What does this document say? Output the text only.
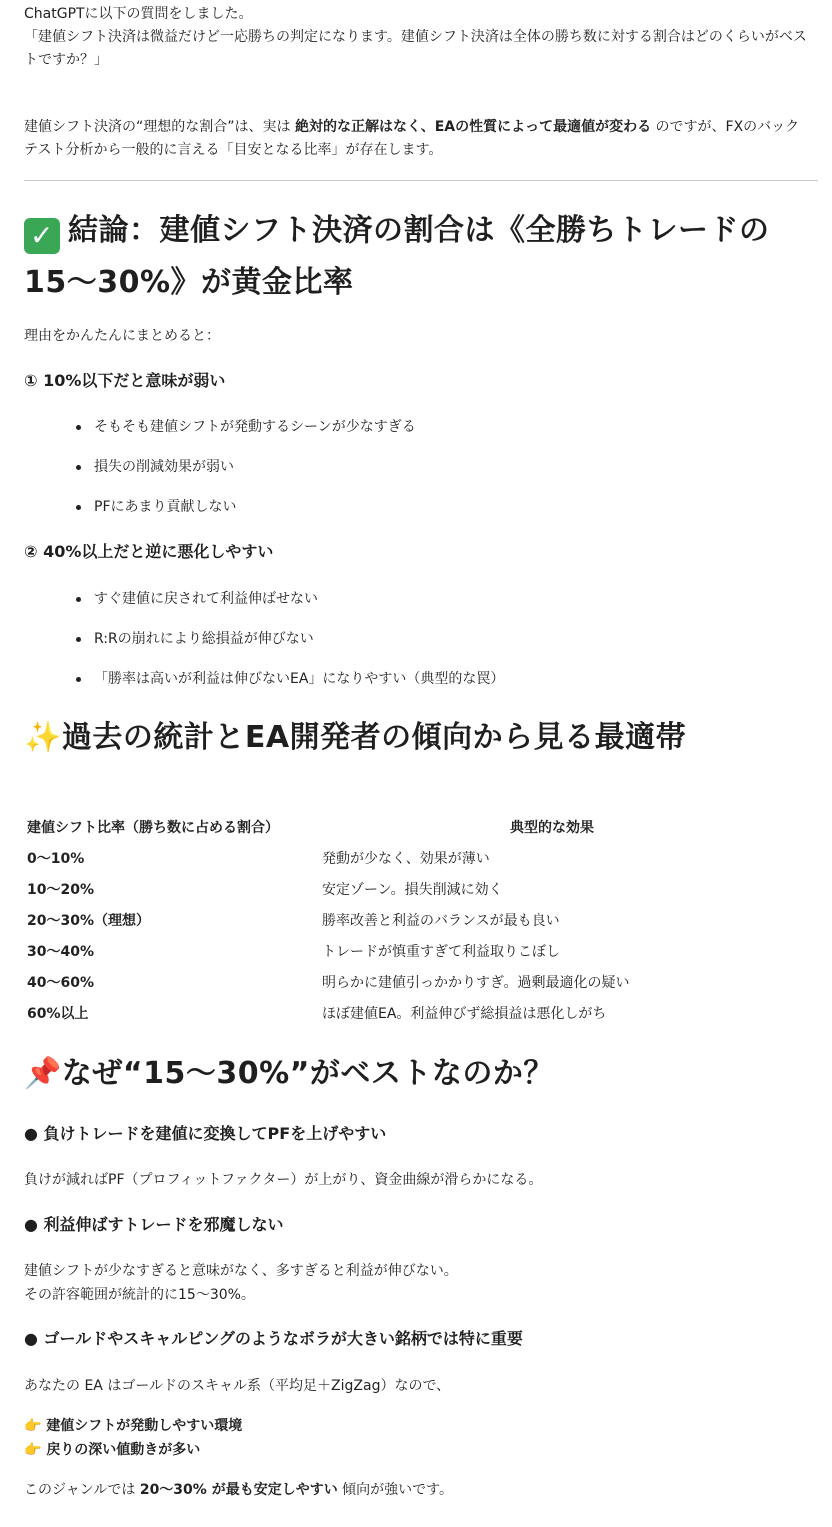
ChatGPTに以下の質問をしました。
「建値シフト決済は微益だけど一応勝ちの判定になります。建値シフト決済は全体の勝ち数に対する割合はどのくらいがベストですか？」
建値シフト決済の“理想的な割合”は、実は 絶対的な正解はなく、EAの性質によって最適値が変わる のですが、FXのバックテスト分析から一般的に言える「目安となる比率」が存在します。
✓ 結論：建値シフト決済の割合は《全勝ちトレードの15〜30%》が黄金比率
理由をかんたんにまとめると：
① 10%以下だと意味が弱い
そもそも建値シフトが発動するシーンが少なすぎる
損失の削減効果が弱い
PFにあまり貢献しない
② 40%以上だと逆に悪化しやすい
すぐ建値に戻されて利益伸ばせない
R:Rの崩れにより総損益が伸びない
「勝率は高いが利益は伸びないEA」になりやすい（典型的な罠）
✨過去の統計とEA開発者の傾向から見る最適帯
建値シフト比率（勝ち数に占める割合）	典型的な効果
0〜10%	発動が少なく、効果が薄い
10〜20%	安定ゾーン。損失削減に効く
20〜30%（理想）	勝率改善と利益のバランスが最も良い
30〜40%	トレードが慎重すぎて利益取りこぼし
40〜60%	明らかに建値引っかかりすぎ。過剰最適化の疑い
60%以上	ほぼ建値EA。利益伸びず総損益は悪化しがち
📌なぜ“15〜30%”がベストなのか？
● 負けトレードを建値に変換してPFを上げやすい
負けが減ればPF（プロフィットファクター）が上がり、資金曲線が滑らかになる。
● 利益伸ばすトレードを邪魔しない
建値シフトが少なすぎると意味がなく、多すぎると利益が伸びない。
その許容範囲が統計的に15〜30%。
● ゴールドやスキャルピングのようなボラが大きい銘柄では特に重要
あなたの EA はゴールドのスキャル系（平均足＋ZigZag）なので、
👉 建値シフトが発動しやすい環境
👉 戻りの深い値動きが多い
このジャンルでは 20〜30% が最も安定しやすい 傾向が強いです。
